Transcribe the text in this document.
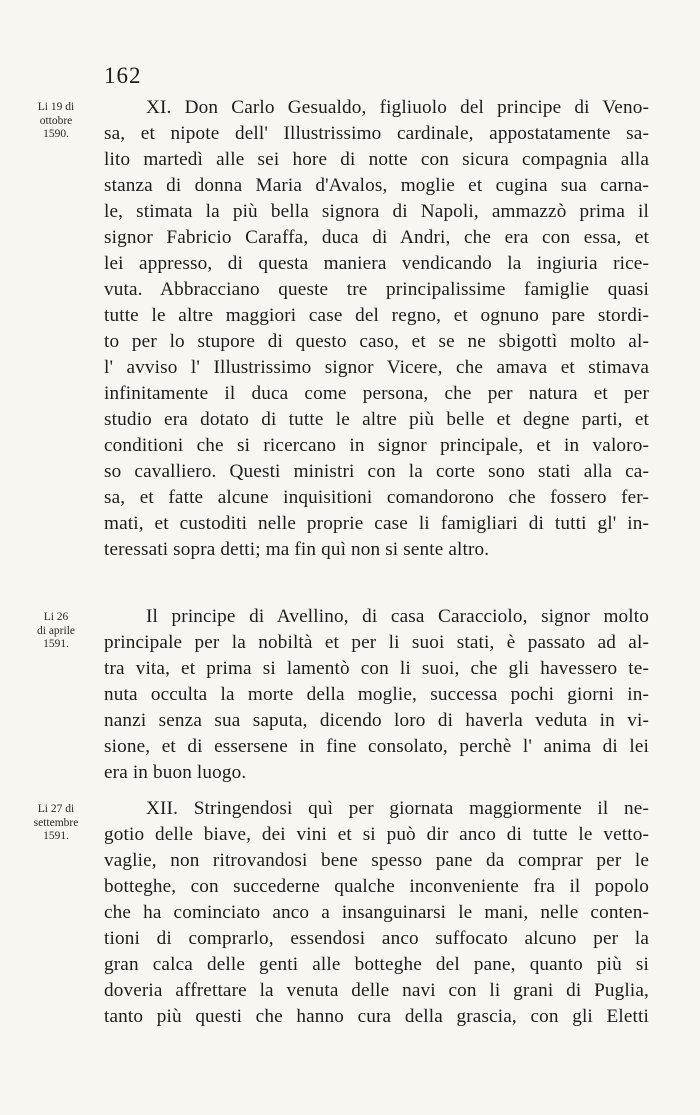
162
Li 19 di
ottobre
1590.
Li 26
di aprile
1591.
Li 27 di
settembre
1591.
XI. Don Carlo Gesualdo, figliuolo del principe di Veno-
sa, et nipote dell' Illustrissimo cardinale, appostatamente sa-
lito martedì alle sei hore di notte con sicura compagnia alla
stanza di donna Maria d'Avalos, moglie et cugina sua carna-
le, stimata la più bella signora di Napoli, ammazzò prima il
signor Fabricio Caraffa, duca di Andri, che era con essa, et
lei appresso, di questa maniera vendicando la ingiuria rice-
vuta. Abbracciano queste tre principalissime famiglie quasi
tutte le altre maggiori case del regno, et ognuno pare stordi-
to per lo stupore di questo caso, et se ne sbigottì molto al-
l' avviso l' Illustrissimo signor Vicere, che amava et stimava
infinitamente il duca come persona, che per natura et per
studio era dotato di tutte le altre più belle et degne parti, et
conditioni che si ricercano in signor principale, et in valoro-
so cavalliero. Questi ministri con la corte sono stati alla ca-
sa, et fatte alcune inquisitioni comandorono che fossero fer-
mati, et custoditi nelle proprie case li famigliari di tutti gl' in-
teressati sopra detti; ma fin quì non si sente altro.
Il principe di Avellino, di casa Caracciolo, signor molto
principale per la nobiltà et per li suoi stati, è passato ad al-
tra vita, et prima si lamentò con li suoi, che gli havessero te-
nuta occulta la morte della moglie, successa pochi giorni in-
nanzi senza sua saputa, dicendo loro di haverla veduta in vi-
sione, et di essersene in fine consolato, perchè l' anima di lei
era in buon luogo.
XII. Stringendosi quì per giornata maggiormente il ne-
gotio delle biave, dei vini et si può dir anco di tutte le vetto-
vaglie, non ritrovandosi bene spesso pane da comprar per le
botteghe, con succederne qualche inconveniente fra il popolo
che ha cominciato anco a insanguinarsi le mani, nelle conten-
tioni di comprarlo, essendosi anco suffocato alcuno per la
gran calca delle genti alle botteghe del pane, quanto più si
doveria affrettare la venuta delle navi con li grani di Puglia,
tanto più questi che hanno cura della grascia, con gli Eletti
